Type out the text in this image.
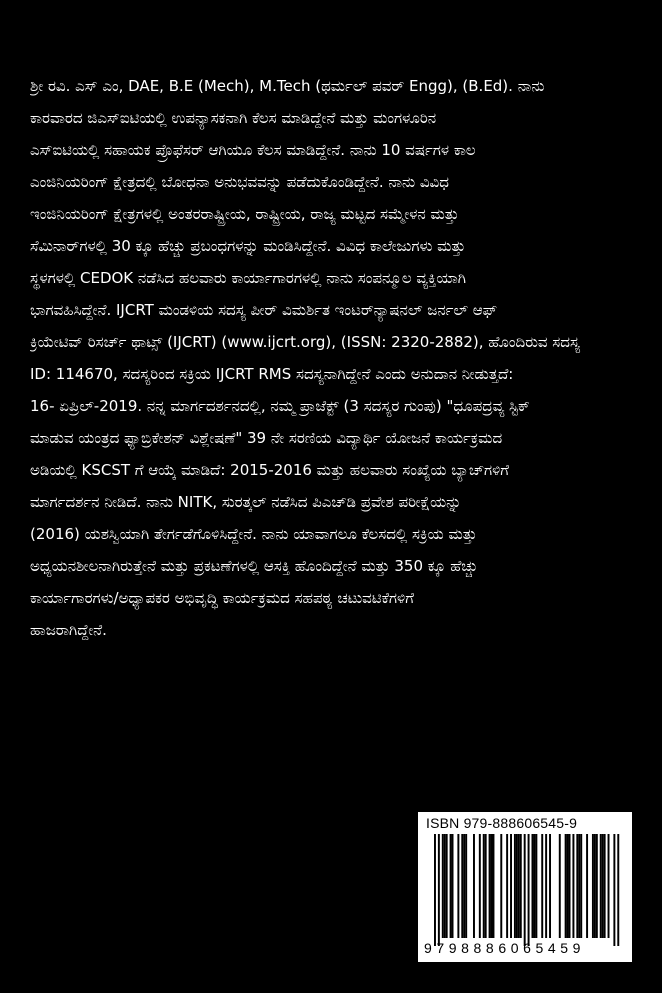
ಶ್ರೀ ರವಿ. ಎಸ್ ಎಂ, DAE, B.E (Mech), M.Tech (ಥರ್ಮಲ್ ಪವರ್ Engg), (B.Ed). ನಾನು
ಕಾರವಾರದ ಜಿಎಸ್‌ಐಟಿಯಲ್ಲಿ ಉಪನ್ಯಾಸಕನಾಗಿ ಕೆಲಸ ಮಾಡಿದ್ದೇನೆ ಮತ್ತು ಮಂಗಳೂರಿನ
ಎಸ್‌ಐಟಿಯಲ್ಲಿ ಸಹಾಯಕ ಪ್ರೊಫೆಸರ್ ಆಗಿಯೂ ಕೆಲಸ ಮಾಡಿದ್ದೇನೆ. ನಾನು 10 ವರ್ಷಗಳ ಕಾಲ
ಎಂಜಿನಿಯರಿಂಗ್ ಕ್ಷೇತ್ರದಲ್ಲಿ ಬೋಧನಾ ಅನುಭವವನ್ನು ಪಡೆದುಕೊಂಡಿದ್ದೇನೆ. ನಾನು ವಿವಿಧ
ಇಂಜಿನಿಯರಿಂಗ್ ಕ್ಷೇತ್ರಗಳಲ್ಲಿ ಅಂತರರಾಷ್ಟ್ರೀಯ, ರಾಷ್ಟ್ರೀಯ, ರಾಜ್ಯ ಮಟ್ಟದ ಸಮ್ಮೇಳನ ಮತ್ತು
ಸೆಮಿನಾರ್‌ಗಳಲ್ಲಿ 30 ಕ್ಕೂ ಹೆಚ್ಚು ಪ್ರಬಂಧಗಳನ್ನು ಮಂಡಿಸಿದ್ದೇನೆ. ವಿವಿಧ ಕಾಲೇಜುಗಳು ಮತ್ತು
ಸ್ಥಳಗಳಲ್ಲಿ CEDOK ನಡೆಸಿದ ಹಲವಾರು ಕಾರ್ಯಾಗಾರಗಳಲ್ಲಿ ನಾನು ಸಂಪನ್ಮೂಲ ವ್ಯಕ್ತಿಯಾಗಿ
ಭಾಗವಹಿಸಿದ್ದೇನೆ. IJCRT ಮಂಡಳಿಯ ಸದಸ್ಯ ಪೀರ್ ವಿಮರ್ಶಿತ ಇಂಟರ್‌ನ್ಯಾಷನಲ್ ಜರ್ನಲ್ ಆಫ್
ಕ್ರಿಯೇಟಿವ್ ರಿಸರ್ಚ್ ಥಾಟ್ಸ್ (IJCRT) (www.ijcrt.org), (ISSN: 2320-2882), ಹೊಂದಿರುವ ಸದಸ್ಯ
ID: 114670, ಸದಸ್ಯರಿಂದ ಸಕ್ರಿಯ IJCRT RMS ಸದಸ್ಯನಾಗಿದ್ದೇನೆ ಎಂದು ಅನುದಾನ ನೀಡುತ್ತದೆ:
16- ಏಪ್ರಿಲ್-2019. ನನ್ನ ಮಾರ್ಗದರ್ಶನದಲ್ಲಿ, ನಮ್ಮ ಪ್ರಾಜೆಕ್ಟ್ (3 ಸದಸ್ಯರ ಗುಂಪು) "ಧೂಪದ್ರವ್ಯ ಸ್ಟಿಕ್
ಮಾಡುವ ಯಂತ್ರದ ಫ್ಯಾಬ್ರಿಕೇಶನ್ ವಿಶ್ಲೇಷಣೆ" 39 ನೇ ಸರಣಿಯ ವಿದ್ಯಾರ್ಥಿ ಯೋಜನೆ ಕಾರ್ಯಕ್ರಮದ
ಅಡಿಯಲ್ಲಿ KSCST ಗೆ ಆಯ್ಕೆ ಮಾಡಿದೆ: 2015-2016 ಮತ್ತು ಹಲವಾರು ಸಂಖ್ಯೆಯ ಬ್ಯಾಚ್‌ಗಳಿಗೆ
ಮಾರ್ಗದರ್ಶನ ನೀಡಿದೆ. ನಾನು NITK, ಸುರತ್ಕಲ್ ನಡೆಸಿದ ಪಿಎಚ್‌ಡಿ ಪ್ರವೇಶ ಪರೀಕ್ಷೆಯನ್ನು
(2016) ಯಶಸ್ವಿಯಾಗಿ ತೇರ್ಗಡೆಗೊಳಿಸಿದ್ದೇನೆ. ನಾನು ಯಾವಾಗಲೂ ಕೆಲಸದಲ್ಲಿ ಸಕ್ರಿಯ ಮತ್ತು
ಅಧ್ಯಯನಶೀಲನಾಗಿರುತ್ತೇನೆ ಮತ್ತು ಪ್ರಕಟಣೆಗಳಲ್ಲಿ ಆಸಕ್ತಿ ಹೊಂದಿದ್ದೇನೆ ಮತ್ತು 350 ಕ್ಕೂ ಹೆಚ್ಚು
ಕಾರ್ಯಾಗಾರಗಳು/ಅಧ್ಯಾಪಕರ ಅಭಿವೃದ್ಧಿ ಕಾರ್ಯಕ್ರಮದ ಸಹಪಠ್ಯ ಚಟುವಟಿಕೆಗಳಿಗೆ
ಹಾಜರಾಗಿದ್ದೇನೆ.
ISBN 979-888606545-9
9798886065459
